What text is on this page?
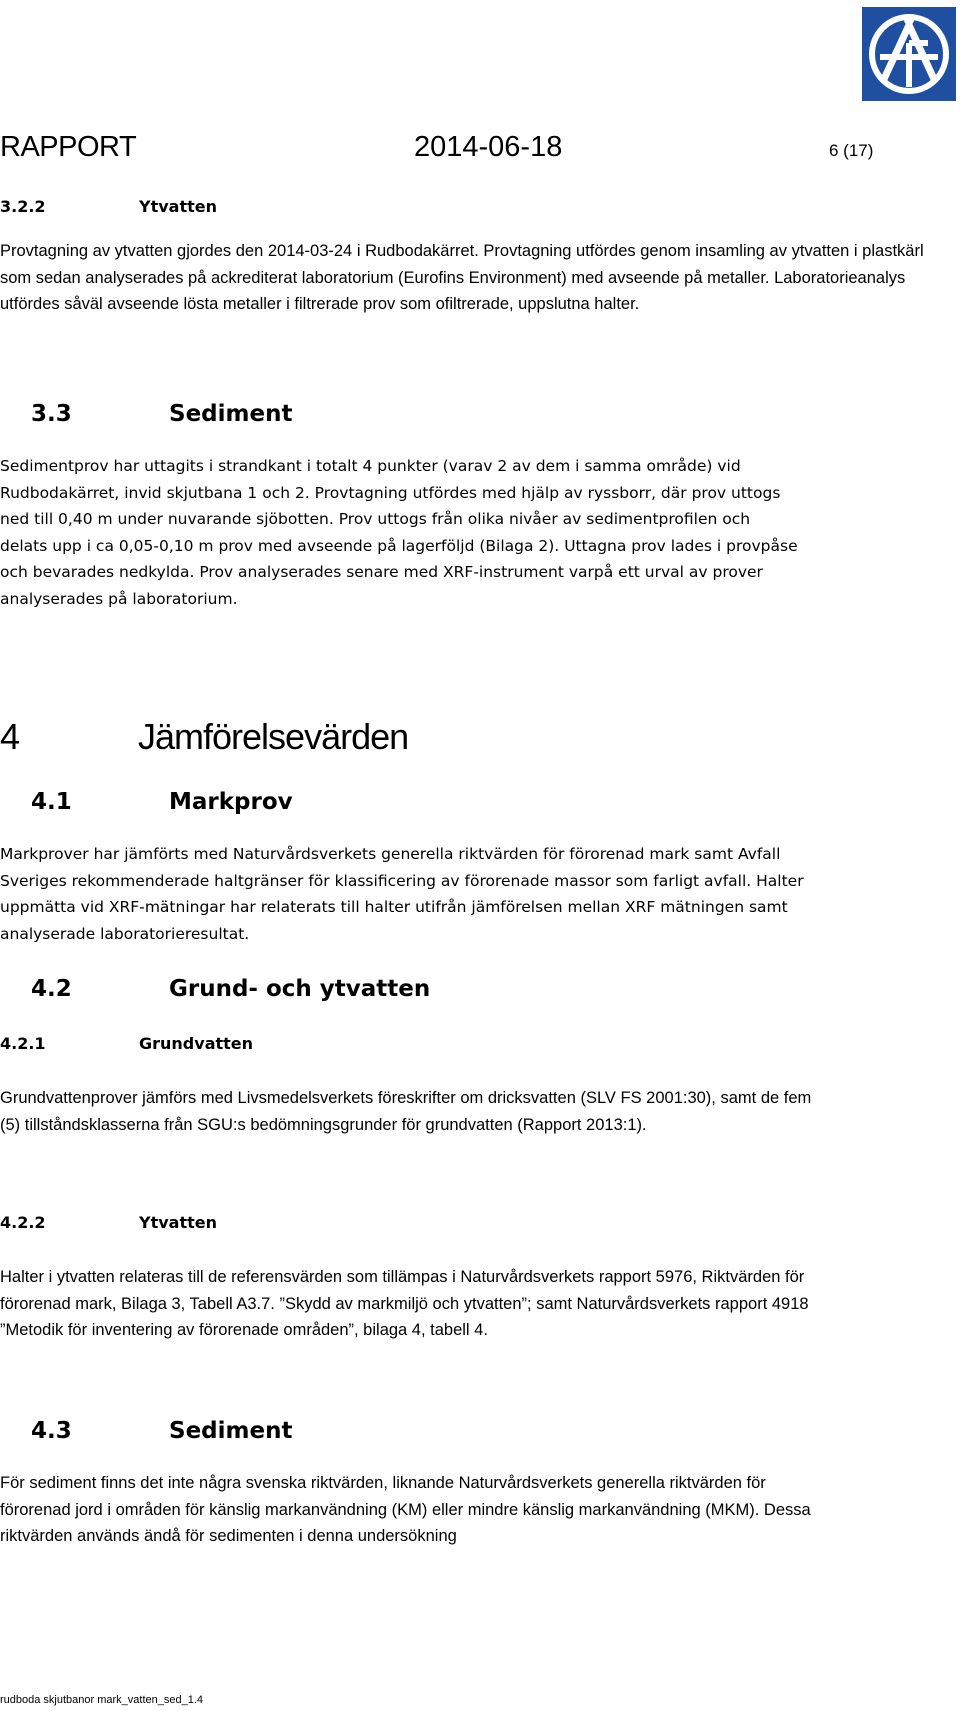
RAPPORT	2014-06-18	6 (17)
3.2.2	Ytvatten

Provtagning av ytvatten gjordes den 2014-03-24 i Rudbodakärret. Provtagning utfördes genom insamling av ytvatten i plastkärl som sedan analyserades på ackrediterat laboratorium (Eurofins Environment) med avseende på metaller. Laboratorieanalys utfördes såväl avseende lösta metaller i filtrerade prov som ofiltrerade, uppslutna halter.

3.3	Sediment

Sedimentprov har uttagits i strandkant i totalt 4 punkter (varav 2 av dem i samma område) vid Rudbodakärret, invid skjutbana 1 och 2. Provtagning utfördes med hjälp av ryssborr, där prov uttogs ned till 0,40 m under nuvarande sjöbotten. Prov uttogs från olika nivåer av sedimentprofilen och delats upp i ca 0,05-0,10 m prov med avseende på lagerföljd (Bilaga 2). Uttagna prov lades i provpåse och bevarades nedkylda. Prov analyserades senare med XRF-instrument varpå ett urval av prover analyserades på laboratorium.

4	Jämförelsevärden
4.1	Markprov

Markprover har jämförts med Naturvårdsverkets generella riktvärden för förorenad mark samt Avfall Sveriges rekommenderade haltgränser för klassificering av förorenade massor som farligt avfall. Halter uppmätta vid XRF-mätningar har relaterats till halter utifrån jämförelsen mellan XRF mätningen samt analyserade laboratorieresultat.

4.2	Grund- och ytvatten
4.2.1	Grundvatten

Grundvattenprover jämförs med Livsmedelsverkets föreskrifter om dricksvatten (SLV FS 2001:30), samt de fem (5) tillståndsklasserna från SGU:s bedömningsgrunder för grundvatten (Rapport 2013:1).

4.2.2	Ytvatten

Halter i ytvatten relateras till de referensvärden som tillämpas i Naturvårdsverkets rapport 5976, Riktvärden för förorenad mark, Bilaga 3, Tabell A3.7. ”Skydd av markmiljö och ytvatten”; samt Naturvårdsverkets rapport 4918 ”Metodik för inventering av förorenade områden”, bilaga 4, tabell 4.

4.3	Sediment

För sediment finns det inte några svenska riktvärden, liknande Naturvårdsverkets generella riktvärden för förorenad jord i områden för känslig markanvändning (KM) eller mindre känslig markanvändning (MKM). Dessa riktvärden används ändå för sedimenten i denna undersökning

rudboda skjutbanor mark_vatten_sed_1.4
